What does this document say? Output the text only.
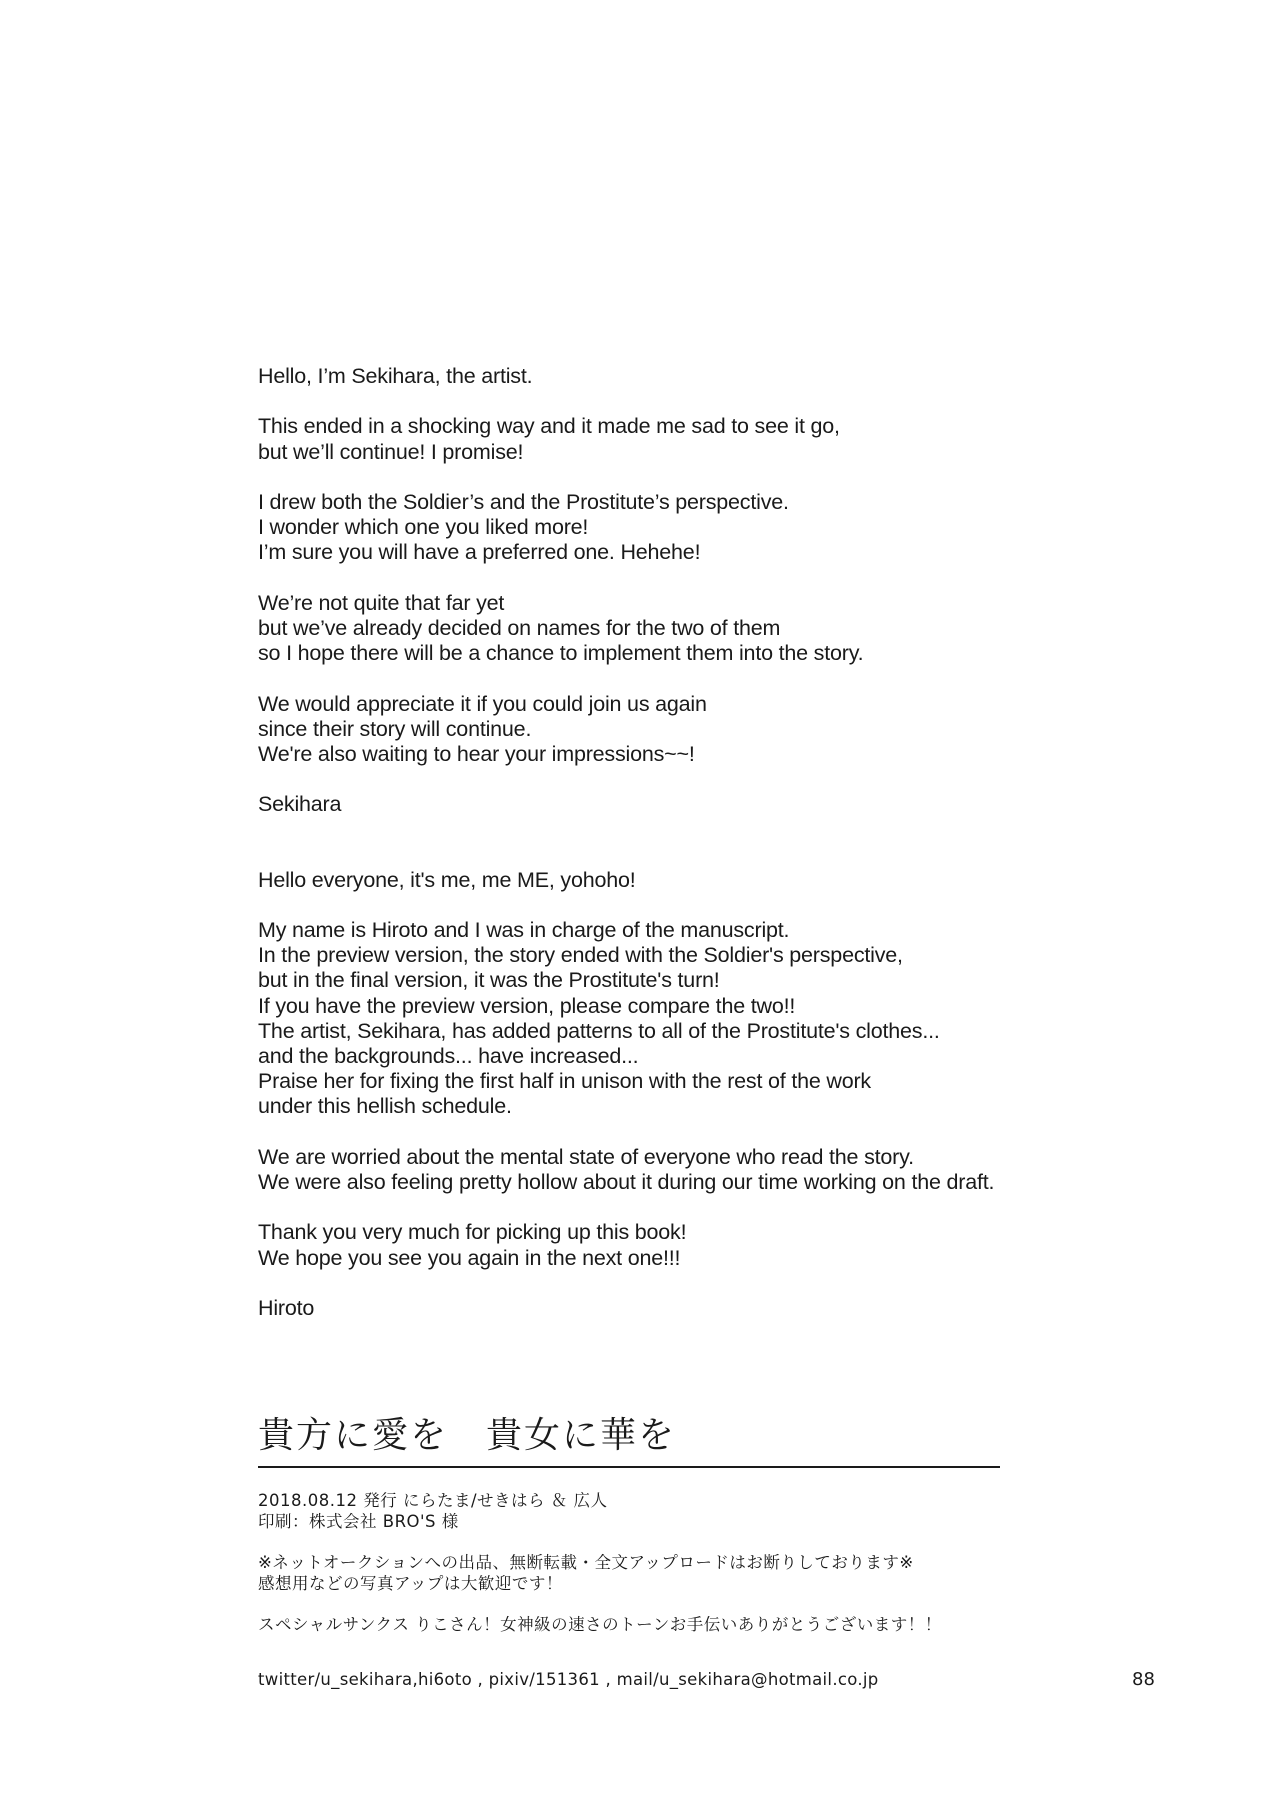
Hello, I’m Sekihara, the artist.

This ended in a shocking way and it made me sad to see it go,
but we’ll continue! I promise!

I drew both the Soldier’s and the Prostitute’s perspective.
I wonder which one you liked more!
I’m sure you will have a preferred one. Hehehe!

We’re not quite that far yet
but we’ve already decided on names for the two of them
so I hope there will be a chance to implement them into the story.

We would appreciate it if you could join us again
since their story will continue.
We're also waiting to hear your impressions~~!

Sekihara

Hello everyone, it's me, me ME, yohoho!

My name is Hiroto and I was in charge of the manuscript.
In the preview version, the story ended with the Soldier's perspective,
but in the final version, it was the Prostitute's turn!
If you have the preview version, please compare the two!!
The artist, Sekihara, has added patterns to all of the Prostitute's clothes...
and the backgrounds... have increased...
Praise her for fixing the first half in unison with the rest of the work
under this hellish schedule.

We are worried about the mental state of everyone who read the story.
We were also feeling pretty hollow about it during our time working on the draft.

Thank you very much for picking up this book!
We hope you see you again in the next one!!!

Hiroto

貴方に愛を　貴女に華を
2018.08.12 発行 にらたま/せきはら ＆ 広人
印刷：株式会社 BRO'S 様
※ネットオークションへの出品、無断転載・全文アップロードはお断りしております※
感想用などの写真アップは大歓迎です！
スペシャルサンクス りこさん！女神級の速さのトーンお手伝いありがとうございます！！
twitter/u_sekihara,hi6oto , pixiv/151361 , mail/u_sekihara@hotmail.co.jp	88
